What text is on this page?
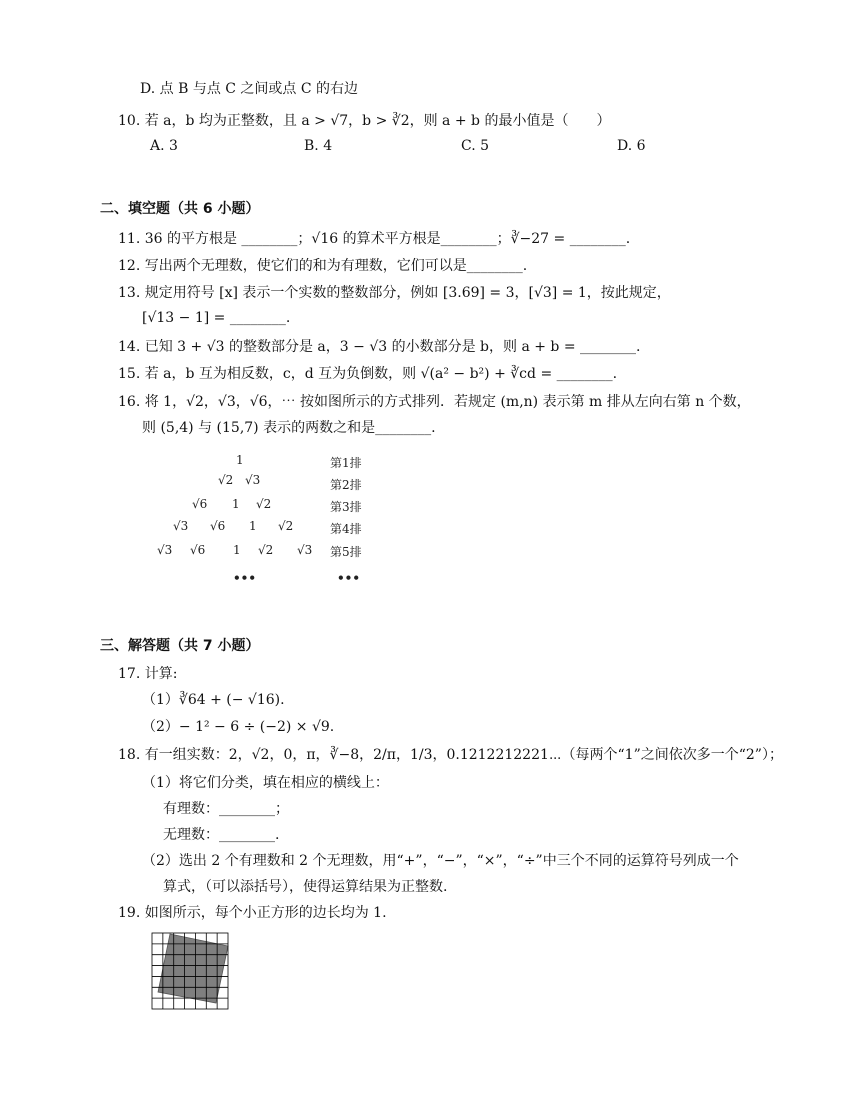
D. 点 B 与点 C 之间或点 C 的右边
10. 若 a，b 均为正整数，且 a > √7，b > ∛2，则 a + b 的最小值是（　　）
A. 3	B. 4	C. 5	D. 6
二、填空题（共 6 小题）
11. 36 的平方根是 ________；√16 的算术平方根是________；∛−27 = ________.
12. 写出两个无理数，使它们的和为有理数，它们可以是________.
13. 规定用符号 [x] 表示一个实数的整数部分，例如 [3.69] = 3，[√3] = 1，按此规定，
[√13 − 1] = ________.
14. 已知 3 + √3 的整数部分是 a，3 − √3 的小数部分是 b，则 a + b = ________.
15. 若 a，b 互为相反数，c，d 互为负倒数，则 √(a² − b²) + ∛cd = ________.
16. 将 1，√2，√3，√6，⋯ 按如图所示的方式排列．若规定 (m,n) 表示第 m 排从左向右第 n 个数，
则 (5,4) 与 (15,7) 表示的两数之和是________.
1
√2 √3
√6 1 √2
√3 √6 1 √2
√3 √6 1 √2 √3
•••
第1排
第2排
第3排
第4排
第5排
•••
三、解答题（共 7 小题）
17. 计算:
（1）∛64 + (− √16).
（2）− 1² − 6 ÷ (−2) × √9.
18. 有一组实数：2，√2，0，π，∛−8，2/π，1/3，0.1212212221⋯（每两个“1”之间依次多一个“2”）；
（1）将它们分类，填在相应的横线上：
有理数：________；
无理数：________.
（2）选出 2 个有理数和 2 个无理数，用“+”，“−”，“×”，“÷”中三个不同的运算符号列成一个
算式，（可以添括号），使得运算结果为正整数.
19. 如图所示，每个小正方形的边长均为 1.
